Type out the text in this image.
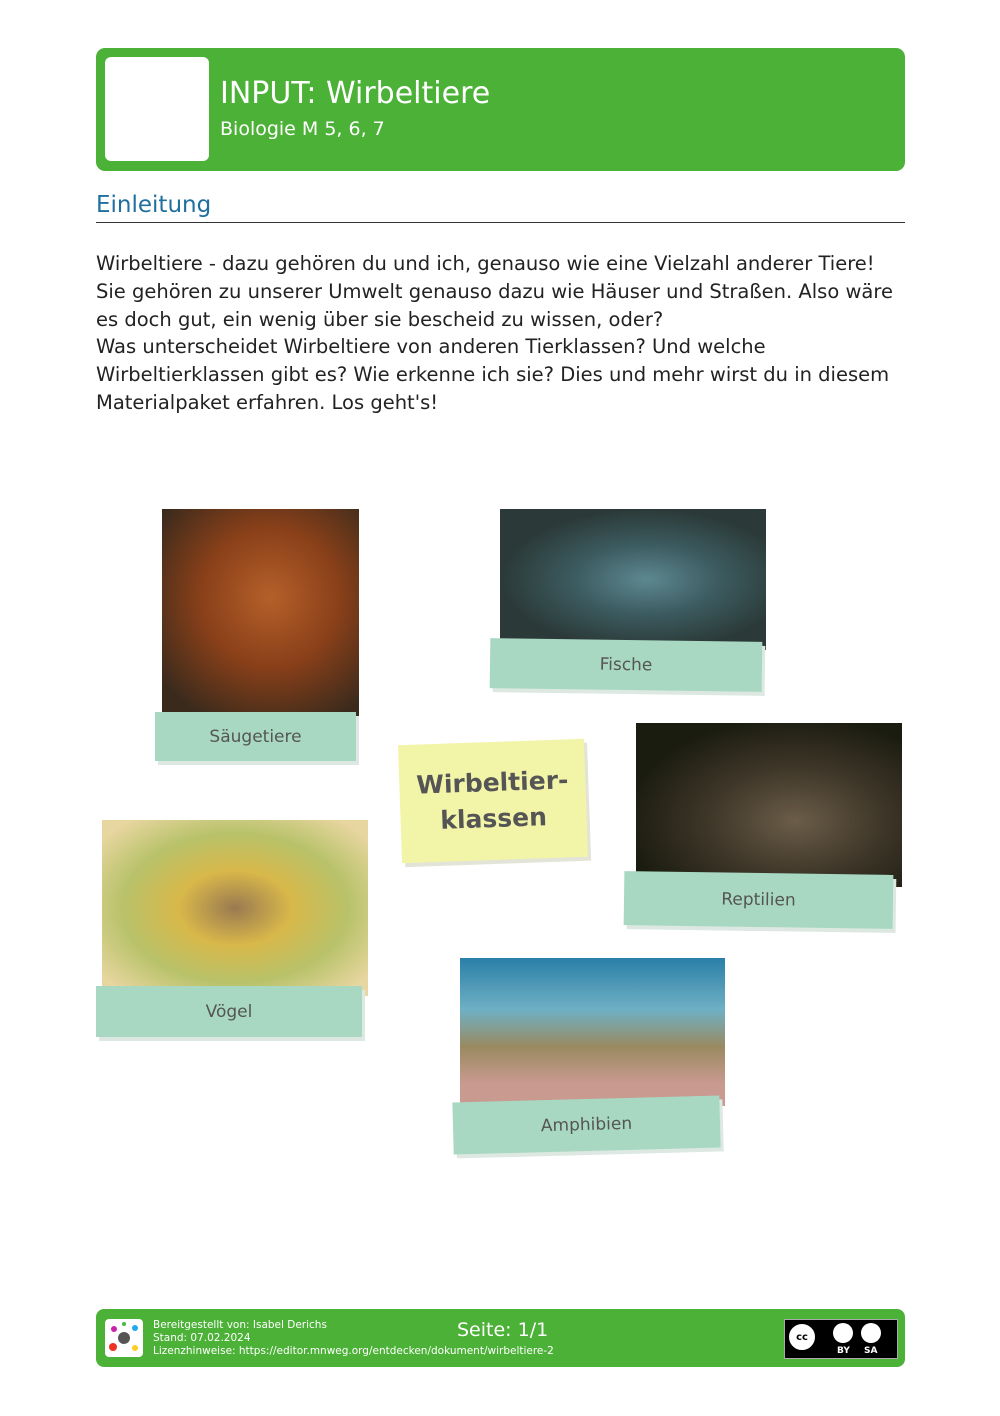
INPUT: Wirbeltiere
Biologie M 5, 6, 7
Einleitung
Wirbeltiere - dazu gehören du und ich, genauso wie eine Vielzahl anderer Tiere! Sie gehören zu unserer Umwelt genauso dazu wie Häuser und Straßen. Also wäre es doch gut, ein wenig über sie bescheid zu wissen, oder?
Was unterscheidet Wirbeltiere von anderen Tierklassen? Und welche Wirbeltierklassen gibt es? Wie erkenne ich sie? Dies und mehr wirst du in diesem Materialpaket erfahren. Los geht's!
Säugetiere
Fische
Wirbeltier-
klassen
Reptilien
Vögel
Amphibien
Bereitgestellt von: Isabel Derichs
Stand: 07.02.2024
Lizenzhinweise: https://editor.mnweg.org/entdecken/dokument/wirbeltiere-2
Seite: 1/1	cc
BY SA
